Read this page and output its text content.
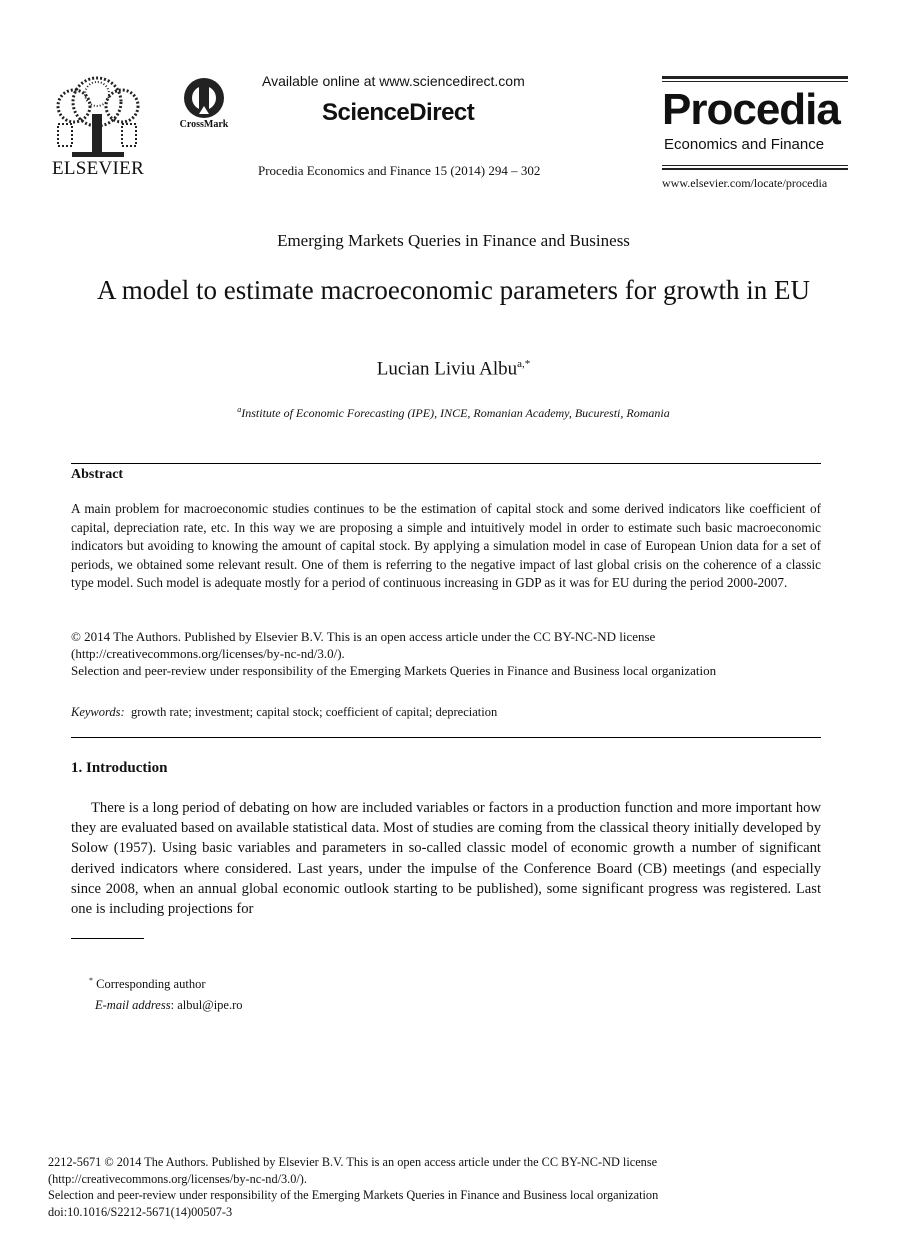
ELSEVIER
CrossMark
Available online at www.sciencedirect.com
ScienceDirect
Procedia Economics and Finance 15 (2014) 294 – 302
Procedia
Economics and Finance
www.elsevier.com/locate/procedia
Emerging Markets Queries in Finance and Business
A model to estimate macroeconomic parameters for growth in EU
Lucian Liviu Albu$^{a,*}$
$^a$Institute of Economic Forecasting (IPE), INCE, Romanian Academy, Bucuresti, Romania
Abstract
A main problem for macroeconomic studies continues to be the estimation of capital stock and some derived indicators like coefficient of capital, depreciation rate, etc. In this way we are proposing a simple and intuitively model in order to estimate such basic macroeconomic indicators but avoiding to knowing the amount of capital stock. By applying a simulation model in case of European Union data for a set of periods, we obtained some relevant result. One of them is referring to the negative impact of last global crisis on the coherence of a classic type model. Such model is adequate mostly for a period of continuous increasing in GDP as it was for EU during the period 2000-2007.
© 2014 The Authors. Published by Elsevier B.V. This is an open access article under the CC BY-NC-ND license
(http://creativecommons.org/licenses/by-nc-nd/3.0/).
Selection and peer-review under responsibility of the Emerging Markets Queries in Finance and Business local organization
Keywords: growth rate; investment; capital stock; coefficient of capital; depreciation
1. Introduction
There is a long period of debating on how are included variables or factors in a production function and more important how they are evaluated based on available statistical data. Most of studies are coming from the classical theory initially developed by Solow (1957). Using basic variables and parameters in so-called classic model of economic growth a number of significant derived indicators where considered. Last years, under the impulse of the Conference Board (CB) meetings (and especially since 2008, when an annual global economic outlook starting to be published), some significant progress was registered. Last one is including projections for
* Corresponding author
E-mail address: albul@ipe.ro
2212-5671 © 2014 The Authors. Published by Elsevier B.V. This is an open access article under the CC BY-NC-ND license
(http://creativecommons.org/licenses/by-nc-nd/3.0/).
Selection and peer-review under responsibility of the Emerging Markets Queries in Finance and Business local organization
doi:10.1016/S2212-5671(14)00507-3
